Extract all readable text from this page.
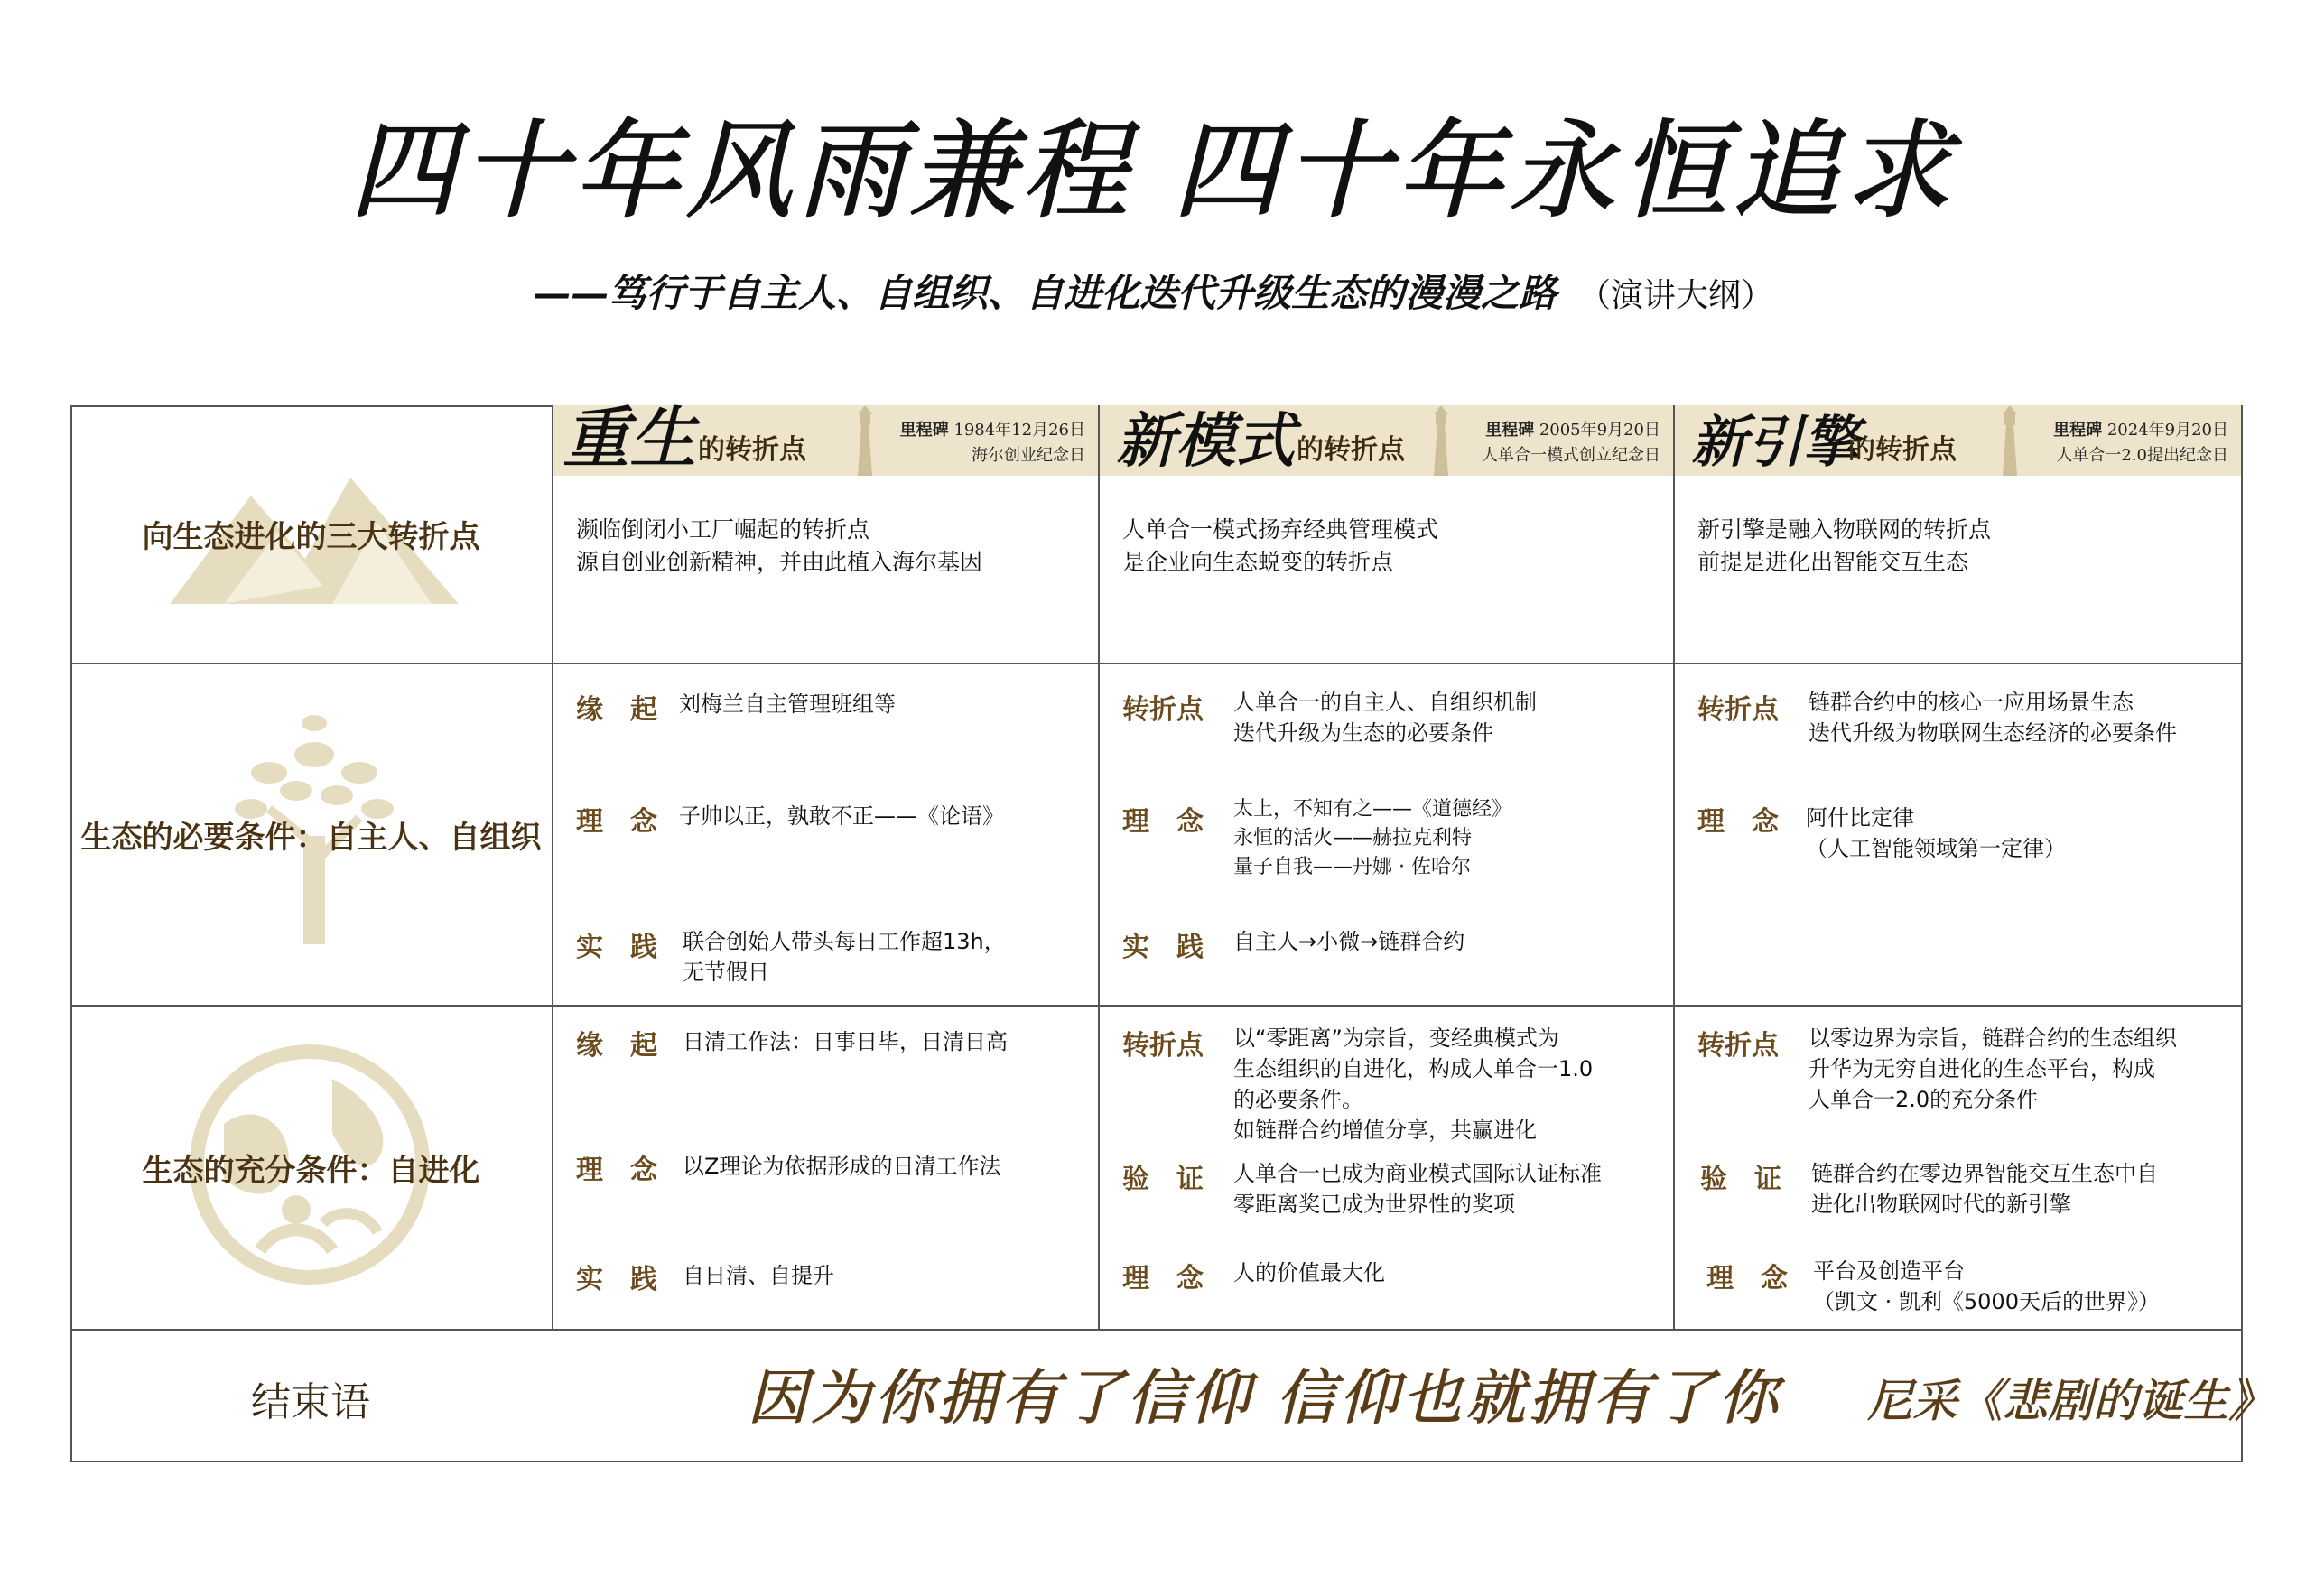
四十年风雨兼程 四十年永恒追求
——笃行于自主人、自组织、自进化迭代升级生态的漫漫之路 （演讲大纲）
重生 的转折点
里程碑 1984年12月26日
海尔创业纪念日 新模式 的转折点
里程碑 2005年9月20日
人单合一模式创立纪念日 新引擎
的转折点
里程碑 2024年9月20日
人单合一2.0提出纪念日
向生态进化的三大转折点	濒临倒闭小工厂崛起的转折点
源自创业创新精神，并由此植入海尔基因
人单合一模式扬弃经典管理模式
是企业向生态蜕变的转折点
新引擎是融入物联网的转折点
前提是进化出智能交互生态
生态的必要条件：自主人、自组织
缘　起 刘梅兰自主管理班组等
理　念 子帅以正，孰敢不正——《论语》
实　践 联合创始人带头每日工作超13h，
无节假日
转折点 人单合一的自主人、自组织机制
迭代升级为生态的必要条件
理　念 太上，不知有之——《道德经》
永恒的活火——赫拉克利特
量子自我——丹娜 · 佐哈尔
实　践 自主人→小微→链群合约
转折点 链群合约中的核心一应用场景生态
迭代升级为物联网生态经济的必要条件
理　念 阿什比定律
（人工智能领域第一定律）
生态的充分条件：自进化
缘　起 日清工作法：日事日毕，日清日高
理　念 以Z理论为依据形成的日清工作法
实　践 自日清、自提升
转折点 以“零距离”为宗旨，变经典模式为
生态组织的自进化，构成人单合一1.0
的必要条件。
如链群合约增值分享，共赢进化
验　证 人单合一已成为商业模式国际认证标准
零距离奖已成为世界性的奖项
理　念 人的价值最大化
转折点 以零边界为宗旨，链群合约的生态组织
升华为无穷自进化的生态平台，构成
人单合一2.0的充分条件
验　证 链群合约在零边界智能交互生态中自
进化出物联网时代的新引擎
理　念 平台及创造平台
（凯文 · 凯利《5000天后的世界》）
结束语	因为你拥有了信仰 信仰也就拥有了你 尼采《悲剧的诞生》
